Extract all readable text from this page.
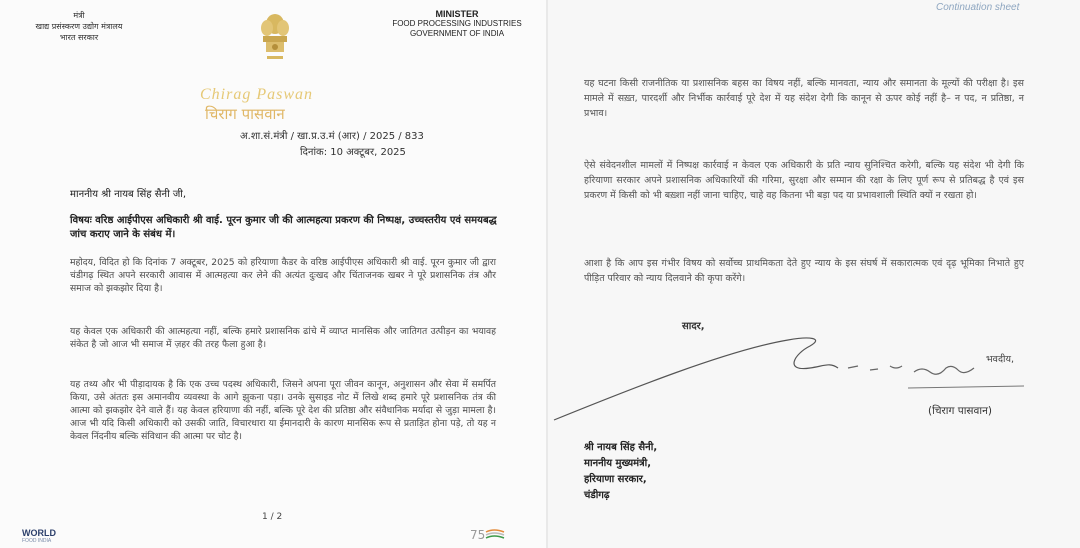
मंत्री
खाद्य प्रसंस्करण उद्योग मंत्रालय
भारत सरकार
MINISTER
FOOD PROCESSING INDUSTRIES
GOVERNMENT OF INDIA
Chirag Paswan
चिराग पासवान
अ.शा.सं.मंत्री / खा.प्र.उ.मं (आर) / 2025 / 833
दिनांक: 10 अक्टूबर, 2025
माननीय श्री नायब सिंह सैनी जी,
विषयः वरिष्ठ आईपीएस अधिकारी श्री वाई. पूरन कुमार जी की आत्महत्या प्रकरण की निष्पक्ष, उच्चस्तरीय एवं समयबद्ध जांच कराए जाने के संबंध में।
महोदय, विदित हो कि दिनांक 7 अक्टूबर, 2025 को हरियाणा कैडर के वरिष्ठ आईपीएस अधिकारी श्री वाई. पूरन कुमार जी द्वारा चंडीगढ़ स्थित अपने सरकारी आवास में आत्महत्या कर लेने की अत्यंत दुःखद और चिंताजनक खबर ने पूरे प्रशासनिक तंत्र और समाज को झकझोर दिया है।
यह केवल एक अधिकारी की आत्महत्या नहीं, बल्कि हमारे प्रशासनिक ढांचे में व्याप्त मानसिक और जातिगत उत्पीड़न का भयावह संकेत है जो आज भी समाज में ज़हर की तरह फैला हुआ है।
यह तथ्य और भी पीड़ादायक है कि एक उच्च पदस्थ अधिकारी, जिसने अपना पूरा जीवन कानून, अनुशासन और सेवा में समर्पित किया, उसे अंततः इस अमानवीय व्यवस्था के आगे झुकना पड़ा। उनके सुसाइड नोट में लिखे शब्द हमारे पूरे प्रशासनिक तंत्र की आत्मा को झकझोर देने वाले हैं। यह केवल हरियाणा की नहीं, बल्कि पूरे देश की प्रतिष्ठा और संवैधानिक मर्यादा से जुड़ा मामला है। आज भी यदि किसी अधिकारी को उसकी जाति, विचारधारा या ईमानदारी के कारण मानसिक रूप से प्रताड़ित होना पड़े, तो यह न केवल निंदनीय बल्कि संविधान की आत्मा पर चोट है।
1 / 2
WORLD
FOOD INDIA	75
Continuation sheet
यह घटना किसी राजनीतिक या प्रशासनिक बहस का विषय नहीं, बल्कि मानवता, न्याय और समानता के मूल्यों की परीक्षा है। इस मामले में सख़्त, पारदर्शी और निर्भीक कार्रवाई पूरे देश में यह संदेश देगी कि कानून से ऊपर कोई नहीं है– न पद, न प्रतिष्ठा, न प्रभाव।
ऐसे संवेदनशील मामलों में निष्पक्ष कार्रवाई न केवल एक अधिकारी के प्रति न्याय सुनिश्चित करेगी, बल्कि यह संदेश भी देगी कि हरियाणा सरकार अपने प्रशासनिक अधिकारियों की गरिमा, सुरक्षा और सम्मान की रक्षा के लिए पूर्ण रूप से प्रतिबद्ध है एवं इस प्रकरण में किसी को भी बख़्शा नहीं जाना चाहिए, चाहे वह कितना भी बड़ा पद या प्रभावशाली स्थिति क्यों न रखता हो।
आशा है कि आप इस गंभीर विषय को सर्वोच्च प्राथमिकता देते हुए न्याय के इस संघर्ष में सकारात्मक एवं दृढ़ भूमिका निभाते हुए पीड़ित परिवार को न्याय दिलवाने की कृपा करेंगे।
सादर,
भवदीय,
(चिराग पासवान)
श्री नायब सिंह सैनी,
माननीय मुख्यमंत्री,
हरियाणा सरकार,
चंडीगढ़
